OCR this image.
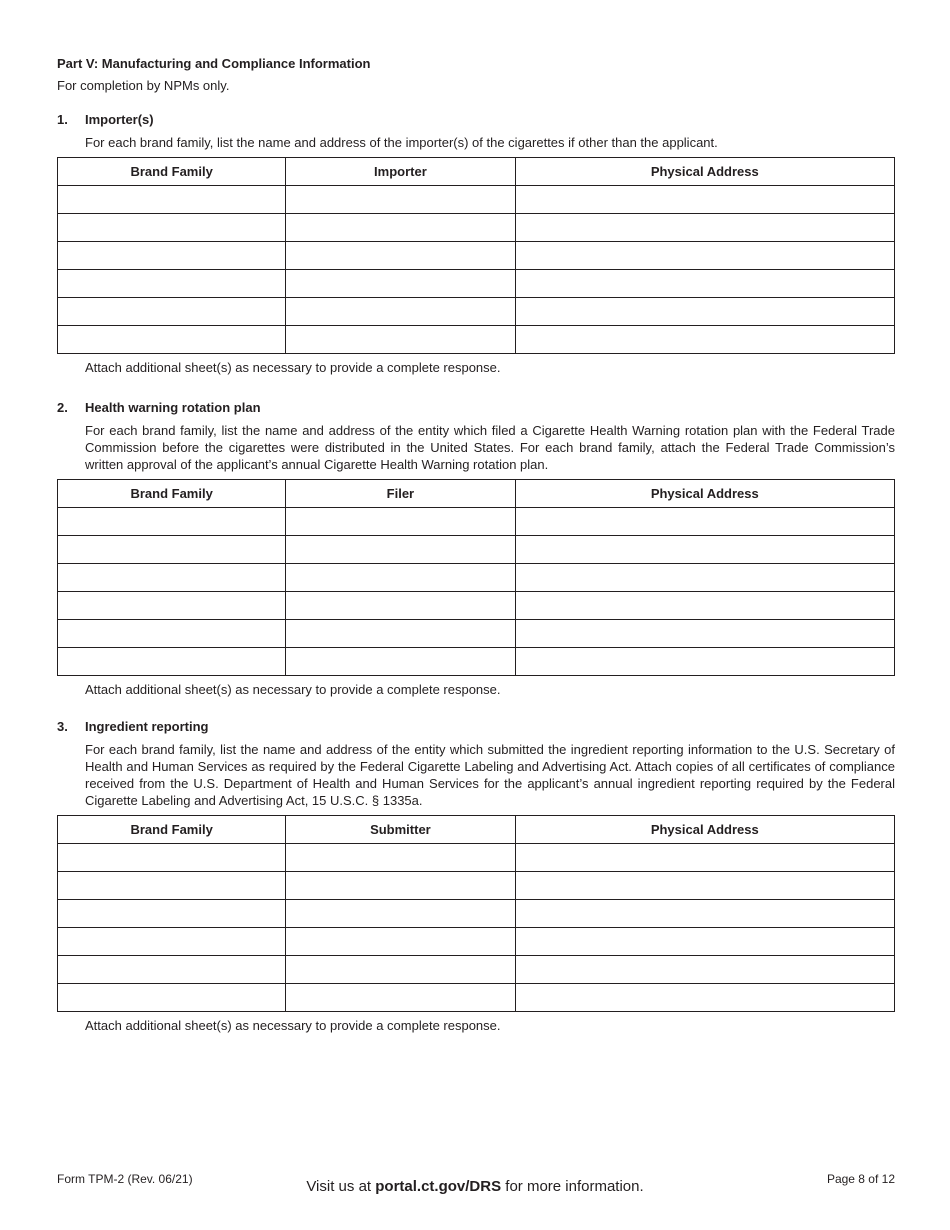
Part V: Manufacturing and Compliance Information
For completion by NPMs only.
1. Importer(s)
For each brand family, list the name and address of the importer(s) of the cigarettes if other than the applicant.
Brand Family	Importer	Physical Address

Attach additional sheet(s) as necessary to provide a complete response.
2. Health warning rotation plan
For each brand family, list the name and address of the entity which filed a Cigarette Health Warning rotation plan with the Federal Trade Commission before the cigarettes were distributed in the United States. For each brand family, attach the Federal Trade Commission’s written approval of the applicant’s annual Cigarette Health Warning rotation plan.
Brand Family	Filer	Physical Address

Attach additional sheet(s) as necessary to provide a complete response.
3. Ingredient reporting
For each brand family, list the name and address of the entity which submitted the ingredient reporting information to the U.S. Secretary of Health and Human Services as required by the Federal Cigarette Labeling and Advertising Act. Attach copies of all certificates of compliance received from the U.S. Department of Health and Human Services for the applicant’s annual ingredient reporting required by the Federal Cigarette Labeling and Advertising Act, 15 U.S.C. § 1335a.
Brand Family	Submitter	Physical Address

Attach additional sheet(s) as necessary to provide a complete response.
Form TPM-2 (Rev. 06/21)	Visit us at portal.ct.gov/DRS for more information.	Page 8 of 12
